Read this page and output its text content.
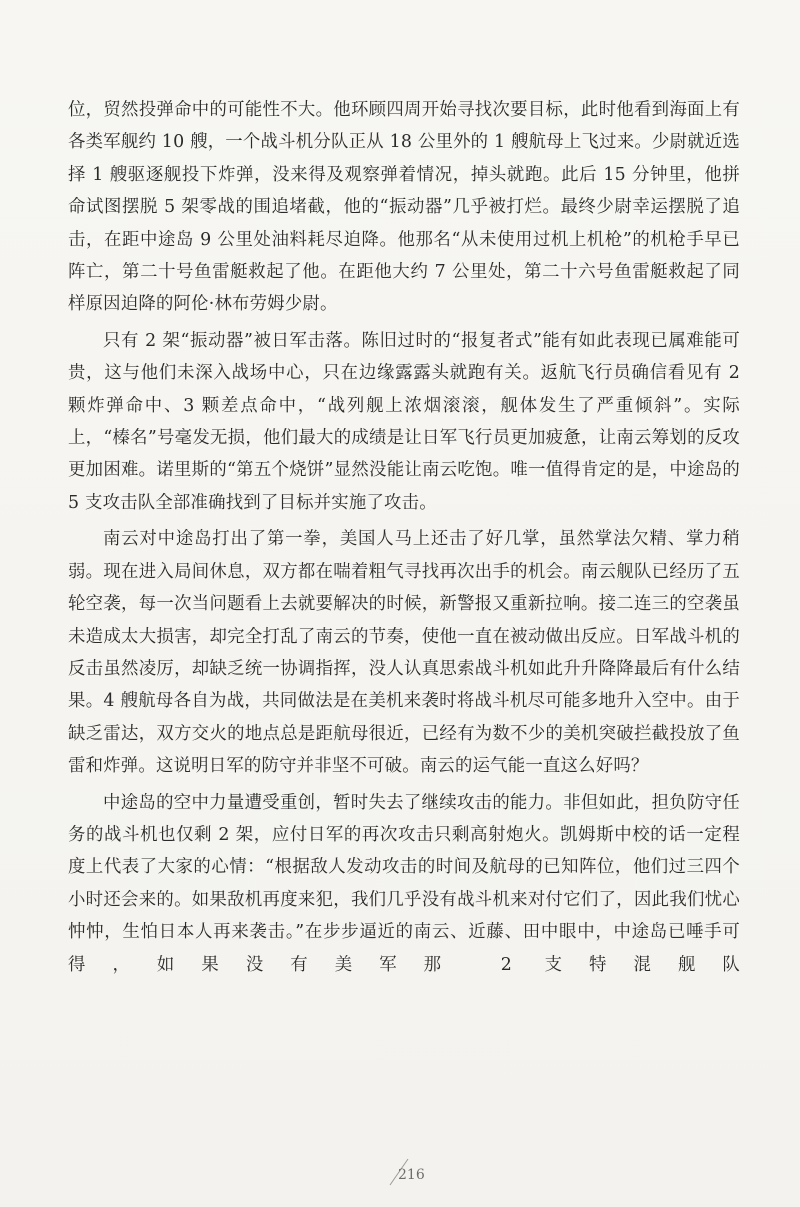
位，贸然投弹命中的可能性不大。他环顾四周开始寻找次要目标，此时他看到海面上有各类军舰约 10 艘，一个战斗机分队正从 18 公里外的 1 艘航母上飞过来。少尉就近选择 1 艘驱逐舰投下炸弹，没来得及观察弹着情况，掉头就跑。此后 15 分钟里，他拼命试图摆脱 5 架零战的围追堵截，他的“振动器”几乎被打烂。最终少尉幸运摆脱了追击，在距中途岛 9 公里处油料耗尽迫降。他那名“从未使用过机上机枪”的机枪手早已阵亡，第二十号鱼雷艇救起了他。在距他大约 7 公里处，第二十六号鱼雷艇救起了同样原因迫降的阿伦·林布劳姆少尉。

只有 2 架“振动器”被日军击落。陈旧过时的“报复者式”能有如此表现已属难能可贵，这与他们未深入战场中心，只在边缘露露头就跑有关。返航飞行员确信看见有 2 颗炸弹命中、3 颗差点命中，“战列舰上浓烟滚滚，舰体发生了严重倾斜”。实际上，“榛名”号毫发无损，他们最大的成绩是让日军飞行员更加疲惫，让南云筹划的反攻更加困难。诺里斯的“第五个烧饼”显然没能让南云吃饱。唯一值得肯定的是，中途岛的 5 支攻击队全部准确找到了目标并实施了攻击。

南云对中途岛打出了第一拳，美国人马上还击了好几掌，虽然掌法欠精、掌力稍弱。现在进入局间休息，双方都在喘着粗气寻找再次出手的机会。南云舰队已经历了五轮空袭，每一次当问题看上去就要解决的时候，新警报又重新拉响。接二连三的空袭虽未造成太大损害，却完全打乱了南云的节奏，使他一直在被动做出反应。日军战斗机的反击虽然凌厉，却缺乏统一协调指挥，没人认真思索战斗机如此升升降降最后有什么结果。4 艘航母各自为战，共同做法是在美机来袭时将战斗机尽可能多地升入空中。由于缺乏雷达，双方交火的地点总是距航母很近，已经有为数不少的美机突破拦截投放了鱼雷和炸弹。这说明日军的防守并非坚不可破。南云的运气能一直这么好吗？

中途岛的空中力量遭受重创，暂时失去了继续攻击的能力。非但如此，担负防守任务的战斗机也仅剩 2 架，应付日军的再次攻击只剩高射炮火。凯姆斯中校的话一定程度上代表了大家的心情：“根据敌人发动攻击的时间及航母的已知阵位，他们过三四个小时还会来的。如果敌机再度来犯，我们几乎没有战斗机来对付它们了，因此我们忧心忡忡，生怕日本人再来袭击。”在步步逼近的南云、近藤、田中眼中，中途岛已唾手可得，如果没有美军那 2 支特混舰队

216
